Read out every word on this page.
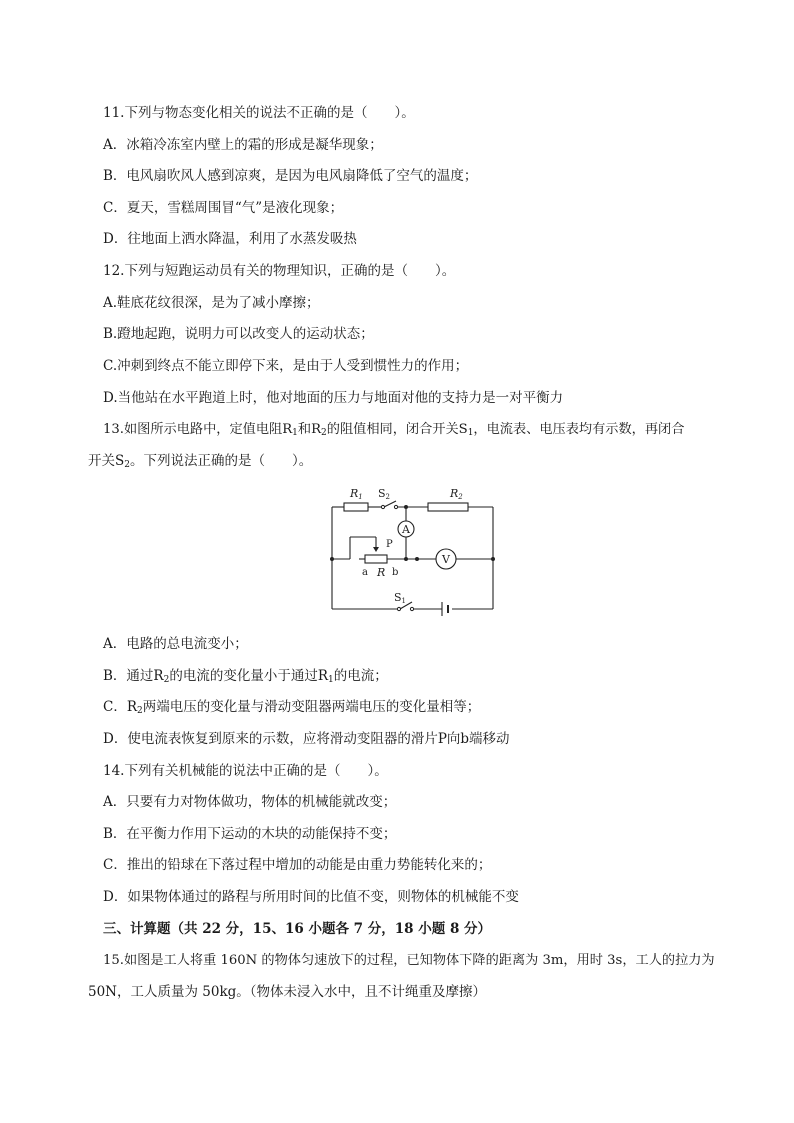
11.下列与物态变化相关的说法不正确的是（　　）。
A．冰箱冷冻室内壁上的霜的形成是凝华现象；
B．电风扇吹风人感到凉爽，是因为电风扇降低了空气的温度；
C．夏天，雪糕周围冒“气”是液化现象；
D．往地面上洒水降温，利用了水蒸发吸热
12.下列与短跑运动员有关的物理知识，正确的是（　　）。
A.鞋底花纹很深，是为了减小摩擦；
B.蹬地起跑，说明力可以改变人的运动状态；
C.冲刺到终点不能立即停下来，是由于人受到惯性力的作用；
D.当他站在水平跑道上时，他对地面的压力与地面对他的支持力是一对平衡力
13.如图所示电路中，定值电阻$R_1$和$R_2$的阻值相同，闭合开关$S_1$，电流表、电压表均有示数，再闭合
开关$S_2$。下列说法正确的是（　　）。
R1 S2	R2
A
P
a R b
V
S1
A．电路的总电流变小；
B．通过$R_2$的电流的变化量小于通过$R_1$的电流；
C．$R_2$两端电压的变化量与滑动变阻器两端电压的变化量相等；
D．使电流表恢复到原来的示数，应将滑动变阻器的滑片P向b端移动
14.下列有关机械能的说法中正确的是（　　）。
A．只要有力对物体做功，物体的机械能就改变；
B．在平衡力作用下运动的木块的动能保持不变；
C．推出的铅球在下落过程中增加的动能是由重力势能转化来的；
D．如果物体通过的路程与所用时间的比值不变，则物体的机械能不变
三、计算题（共 22 分，15、16 小题各 7 分，18 小题 8 分）
15.如图是工人将重 160N 的物体匀速放下的过程，已知物体下降的距离为 3m，用时 3s，工人的拉力为
50N，工人质量为 50kg。（物体未浸入水中，且不计绳重及摩擦）
